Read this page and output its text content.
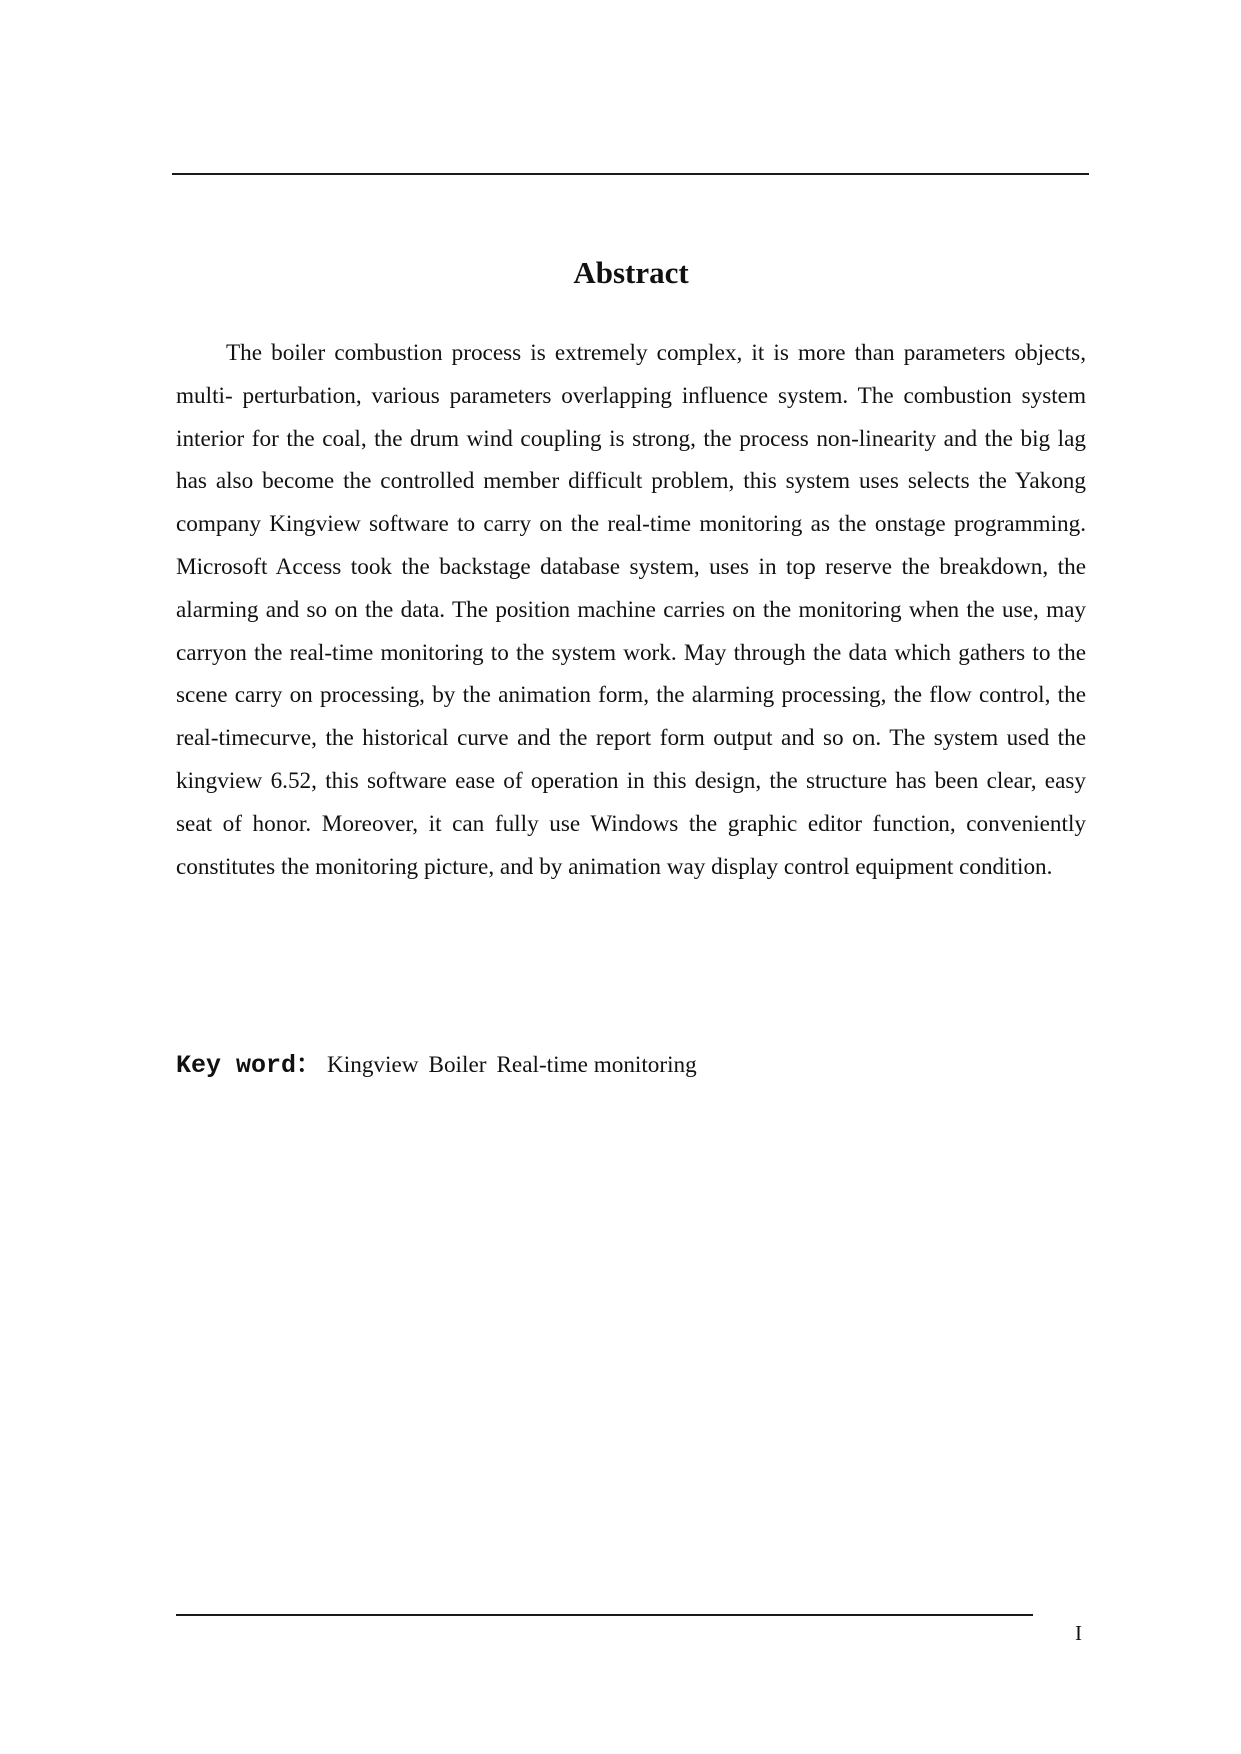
Abstract

The boiler combustion process is extremely complex, it is more than parameters objects, multi- perturbation, various parameters overlapping influence system. The combustion system interior for the coal, the drum wind coupling is strong, the process non-linearity and the big lag has also become the controlled member difficult problem, this system uses selects the Yakong company Kingview software to carry on the real-time monitoring as the onstage programming. Microsoft Access took the backstage database system, uses in top reserve the breakdown, the alarming and so on the data. The position machine carries on the monitoring when the use, may carryon the real-time monitoring to the system work. May through the data which gathers to the scene carry on processing, by the animation form, the alarming processing, the flow control, the real-timecurve, the historical curve and the report form output and so on. The system used the kingview 6.52, this software ease of operation in this design, the structure has been clear, easy seat of honor. Moreover, it can fully use Windows the graphic editor function, conveniently constitutes the monitoring picture, and by animation way display control equipment condition.

Key word： Kingview Boiler Real-time monitoring
I
